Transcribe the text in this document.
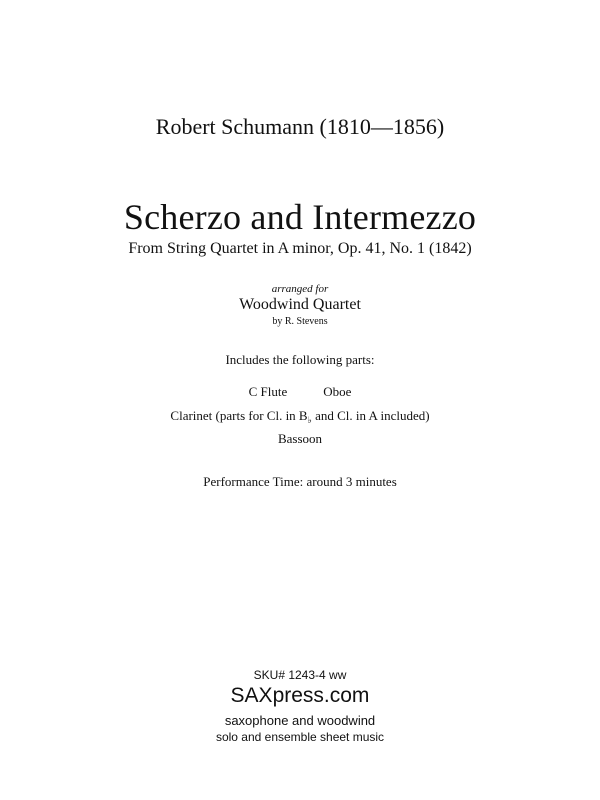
Robert Schumann (1810—1856)
Scherzo and Intermezzo
From String Quartet in A minor, Op. 41, No. 1 (1842)
arranged for
Woodwind Quartet
by R. Stevens
Includes the following parts:
C Flute	Oboe
Clarinet (parts for Cl. in $B_♭$ and Cl. in A included)
Bassoon
Performance Time: around 3 minutes
SKU# 1243-4 ww
SAXpress.com
saxophone and woodwind
solo and ensemble sheet music
